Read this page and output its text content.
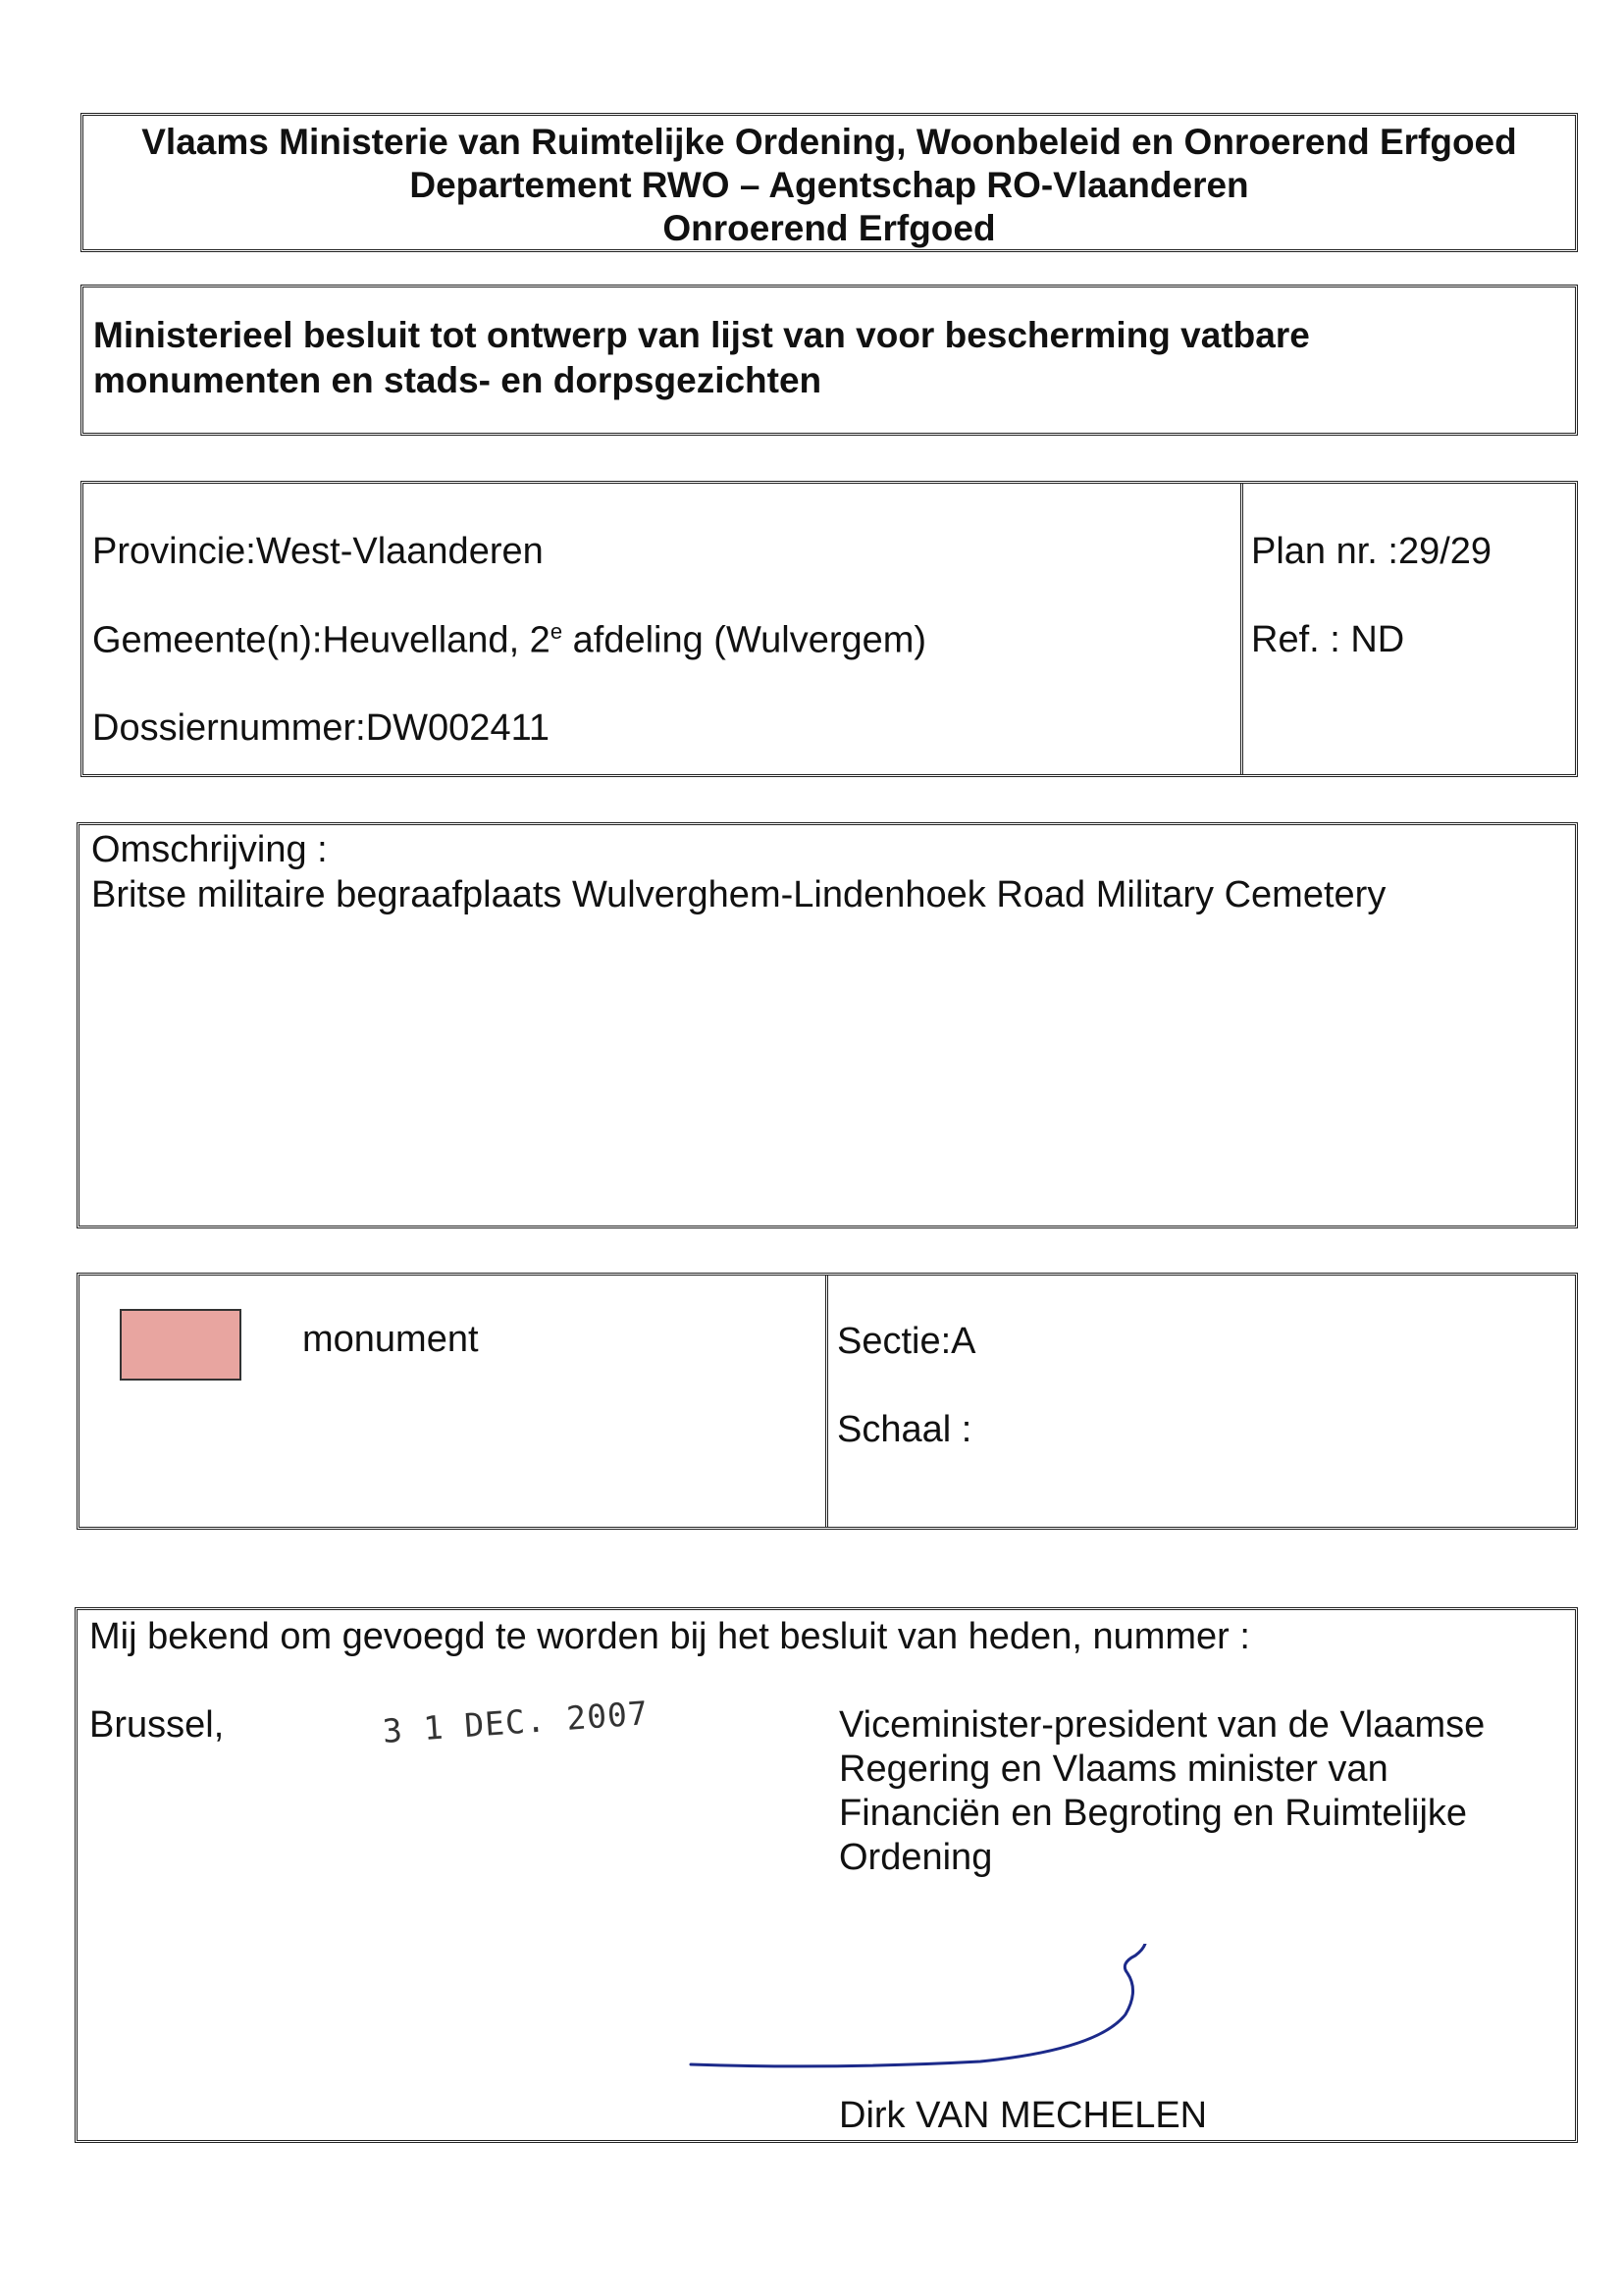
Vlaams Ministerie van Ruimtelijke Ordening, Woonbeleid en Onroerend Erfgoed
Departement RWO – Agentschap RO-Vlaanderen
Onroerend Erfgoed
Ministerieel besluit tot ontwerp van lijst van voor bescherming vatbare
monumenten en stads- en dorpsgezichten
Provincie:West-Vlaanderen
Gemeente(n):Heuvelland, 2e afdeling (Wulvergem)
Dossiernummer:DW002411
Plan nr. :29/29
Ref. : ND
Omschrijving :
Britse militaire begraafplaats Wulverghem-Lindenhoek Road Military Cemetery
monument	Sectie:A
Schaal :
Mij bekend om gevoegd te worden bij het besluit van heden, nummer :
Brussel,	3 1 DEC. 2007	Viceminister-president van de Vlaamse
Regering en Vlaams minister van
Financiën en Begroting en Ruimtelijke
Ordening
Dirk VAN MECHELEN
